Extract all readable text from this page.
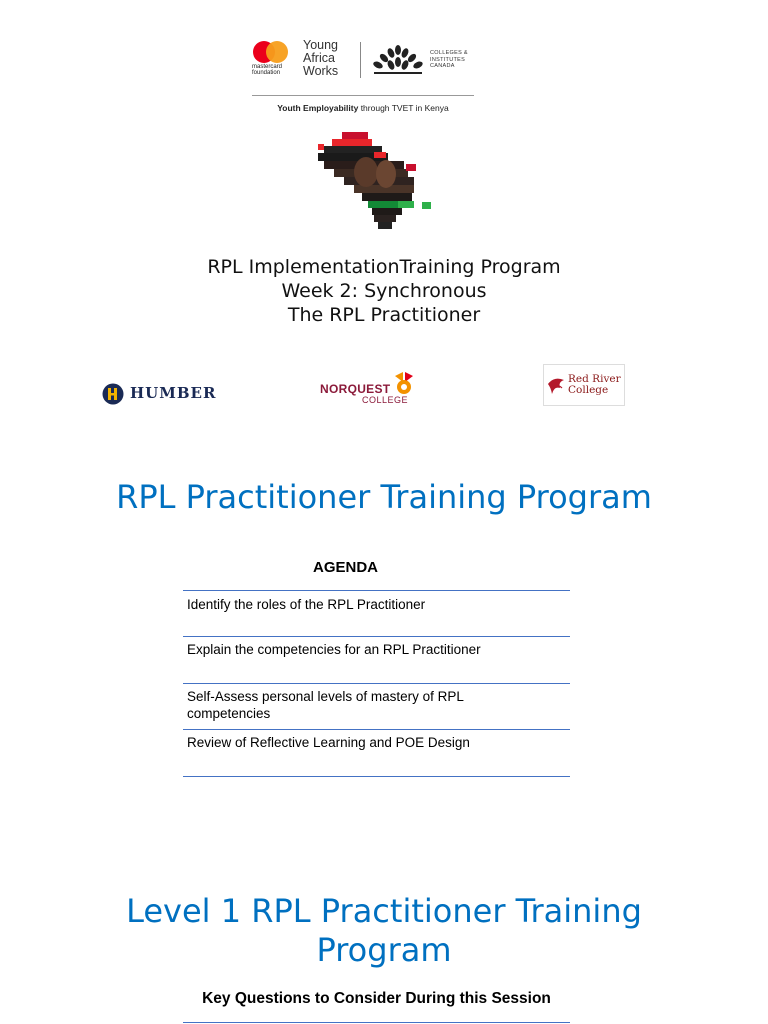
mastercard foundation
Young
Africa
Works
COLLEGES &
INSTITUTES
CANADA
Youth Employability through TVET in Kenya
RPL ImplementationTraining Program
Week 2: Synchronous
The RPL Practitioner
HUMBER	NORQUEST
COLLEGE
Red River
College
RPL Practitioner Training Program
AGENDA
Identify the roles of the RPL Practitioner
Explain the competencies for an RPL Practitioner
Self-Assess personal levels of mastery of RPL competencies
Review of Reflective Learning and POE Design
Level 1 RPL Practitioner Training
Program
Key Questions to Consider During this Session
